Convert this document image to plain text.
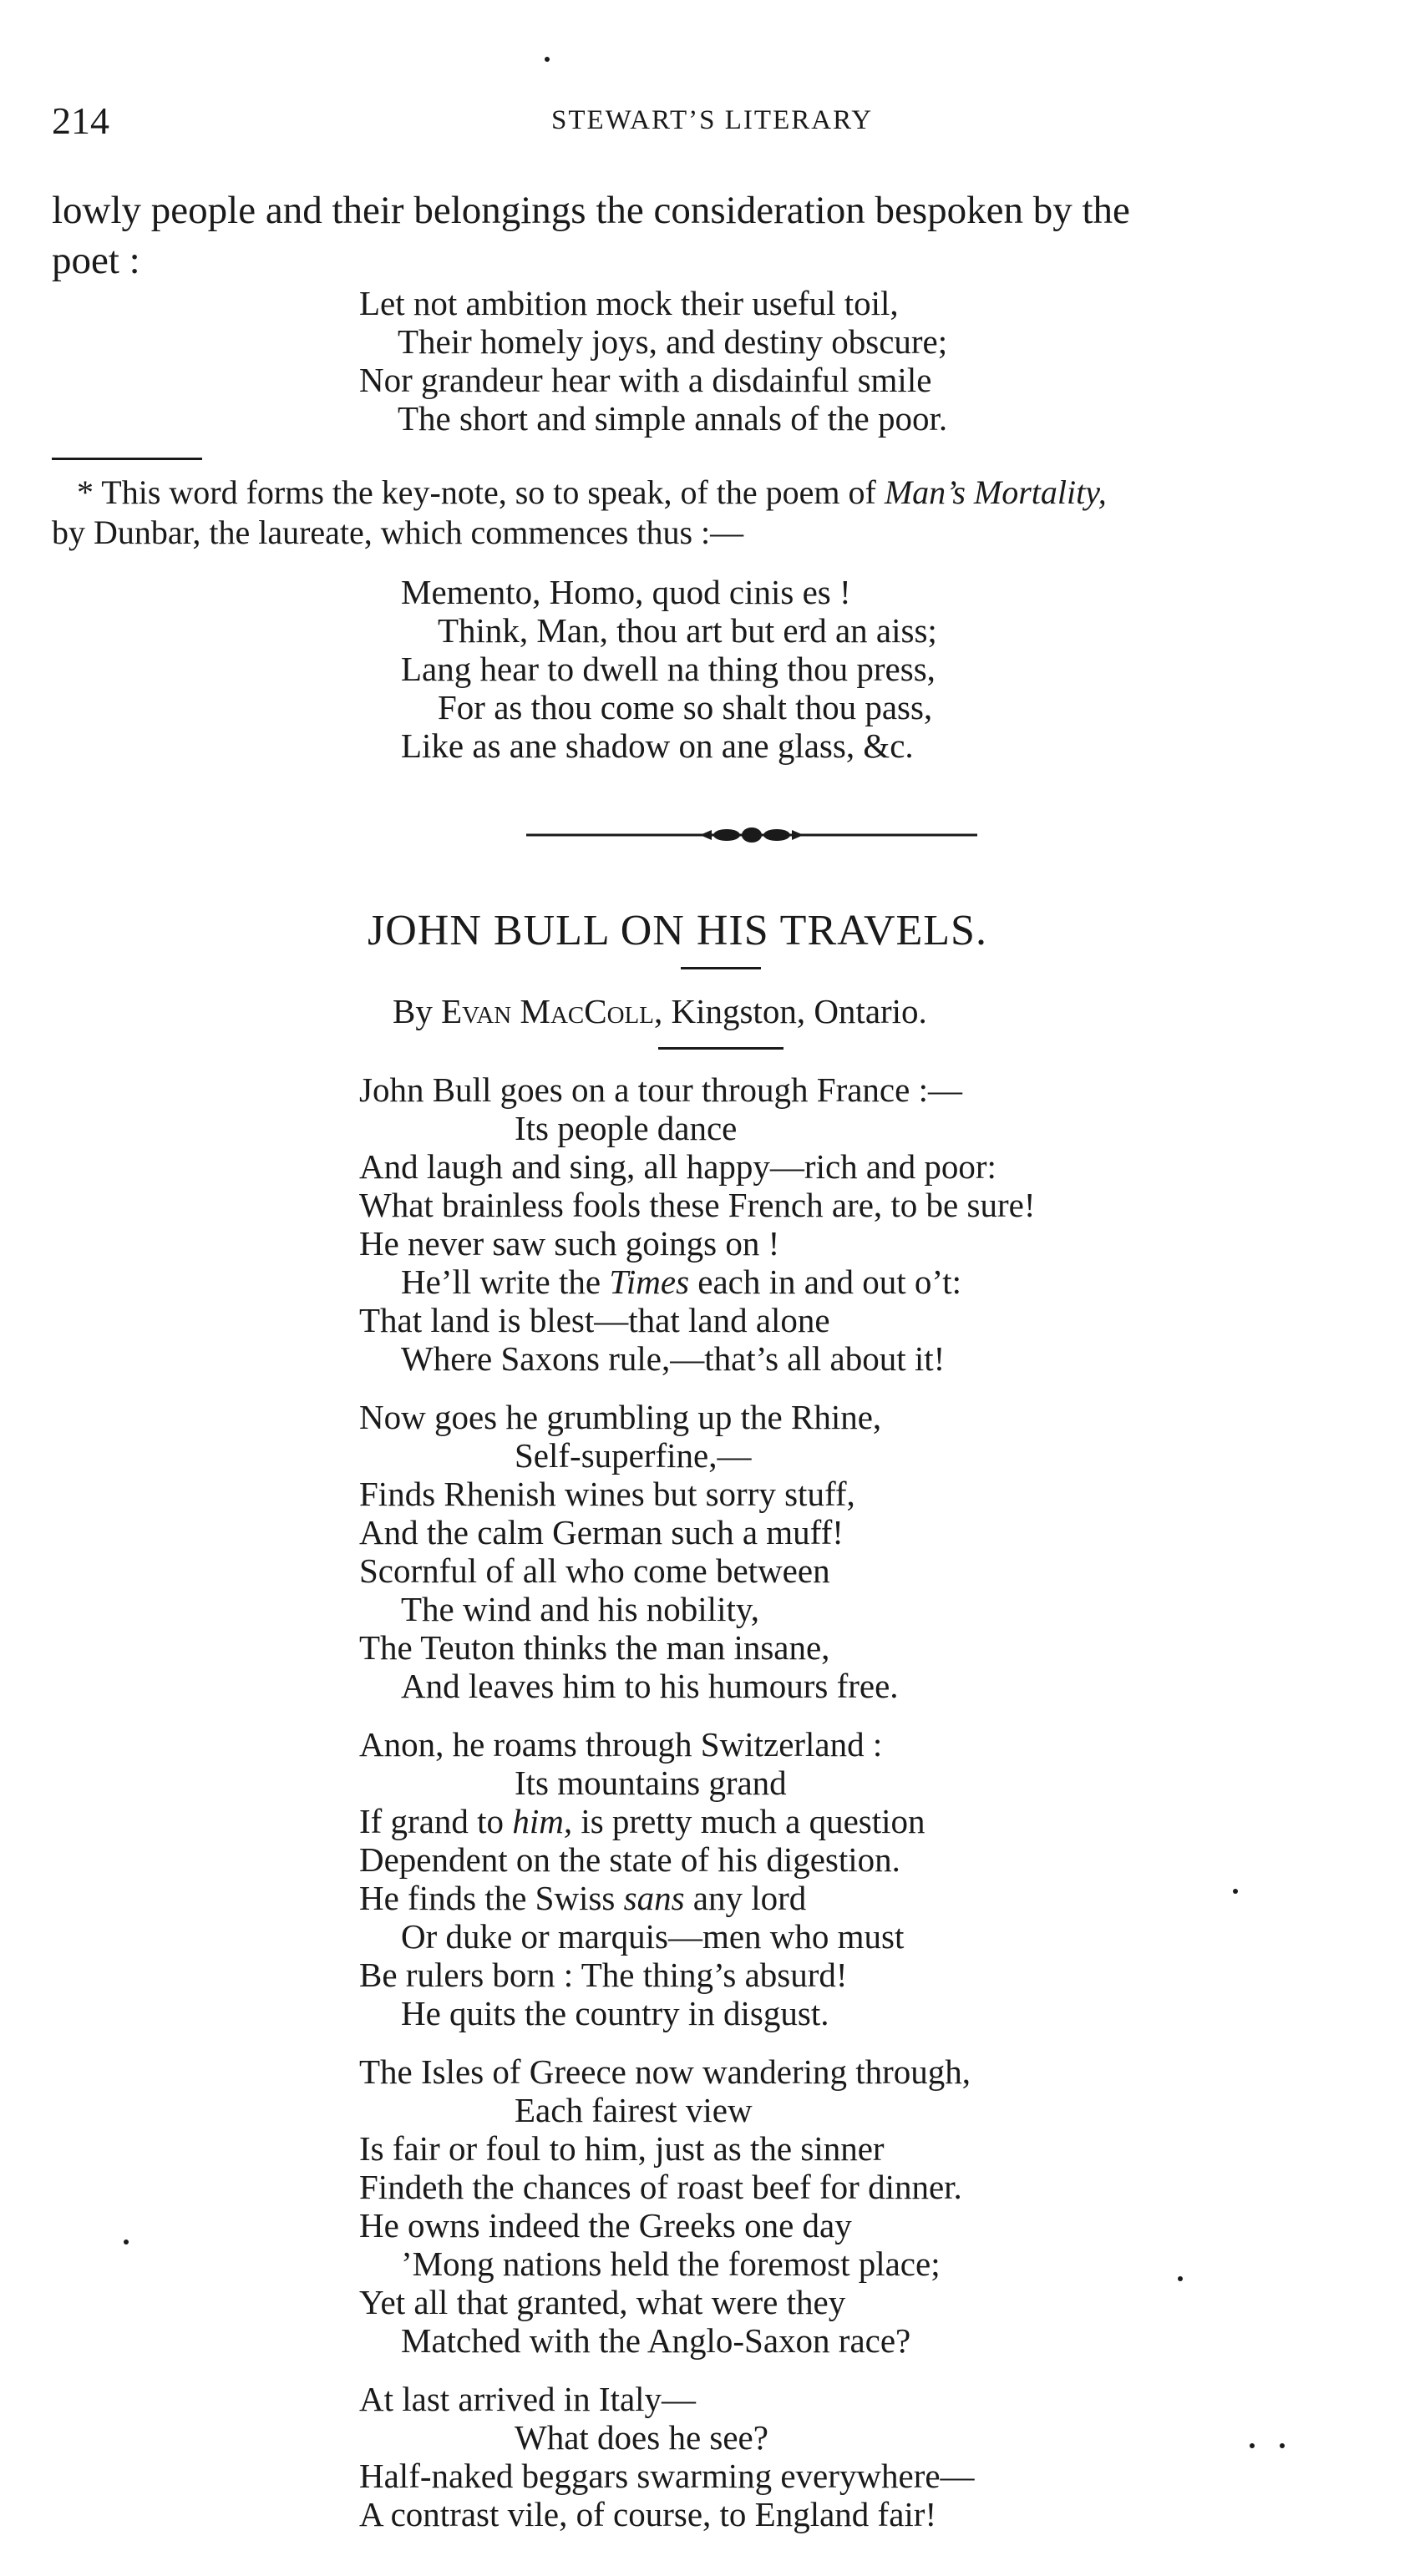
214	STEWART’S LITERARY
lowly people and their belongings the consideration bespoken by the
poet :
Let not ambition mock their useful toil,
Their homely joys, and destiny obscure;
Nor grandeur hear with a disdainful smile
The short and simple annals of the poor.
* This word forms the key-note, so to speak, of the poem of Man’s Mortality,
by Dunbar, the laureate, which commences thus :—
Memento, Homo, quod cinis es !
Think, Man, thou art but erd an aiss;
Lang hear to dwell na thing thou press,
For as thou come so shalt thou pass,
Like as ane shadow on ane glass, &c.
JOHN BULL ON HIS TRAVELS.
By Evan MacColl, Kingston, Ontario.
John Bull goes on a tour through France :—
Its people dance
And laugh and sing, all happy—rich and poor:
What brainless fools these French are, to be sure!
He never saw such goings on !
He’ll write the Times each in and out o’t:
That land is blest—that land alone
Where Saxons rule,—that’s all about it!
Now goes he grumbling up the Rhine,
Self-superfine,—
Finds Rhenish wines but sorry stuff,
And the calm German such a muff!
Scornful of all who come between
The wind and his nobility,
The Teuton thinks the man insane,
And leaves him to his humours free.
Anon, he roams through Switzerland :
Its mountains grand
If grand to him, is pretty much a question
Dependent on the state of his digestion.
He finds the Swiss sans any lord
Or duke or marquis—men who must
Be rulers born : The thing’s absurd!
He quits the country in disgust.
The Isles of Greece now wandering through,
Each fairest view
Is fair or foul to him, just as the sinner
Findeth the chances of roast beef for dinner.
He owns indeed the Greeks one day
’Mong nations held the foremost place;
Yet all that granted, what were they
Matched with the Anglo-Saxon race?
At last arrived in Italy—
What does he see?
Half-naked beggars swarming everywhere—
A contrast vile, of course, to England fair!
